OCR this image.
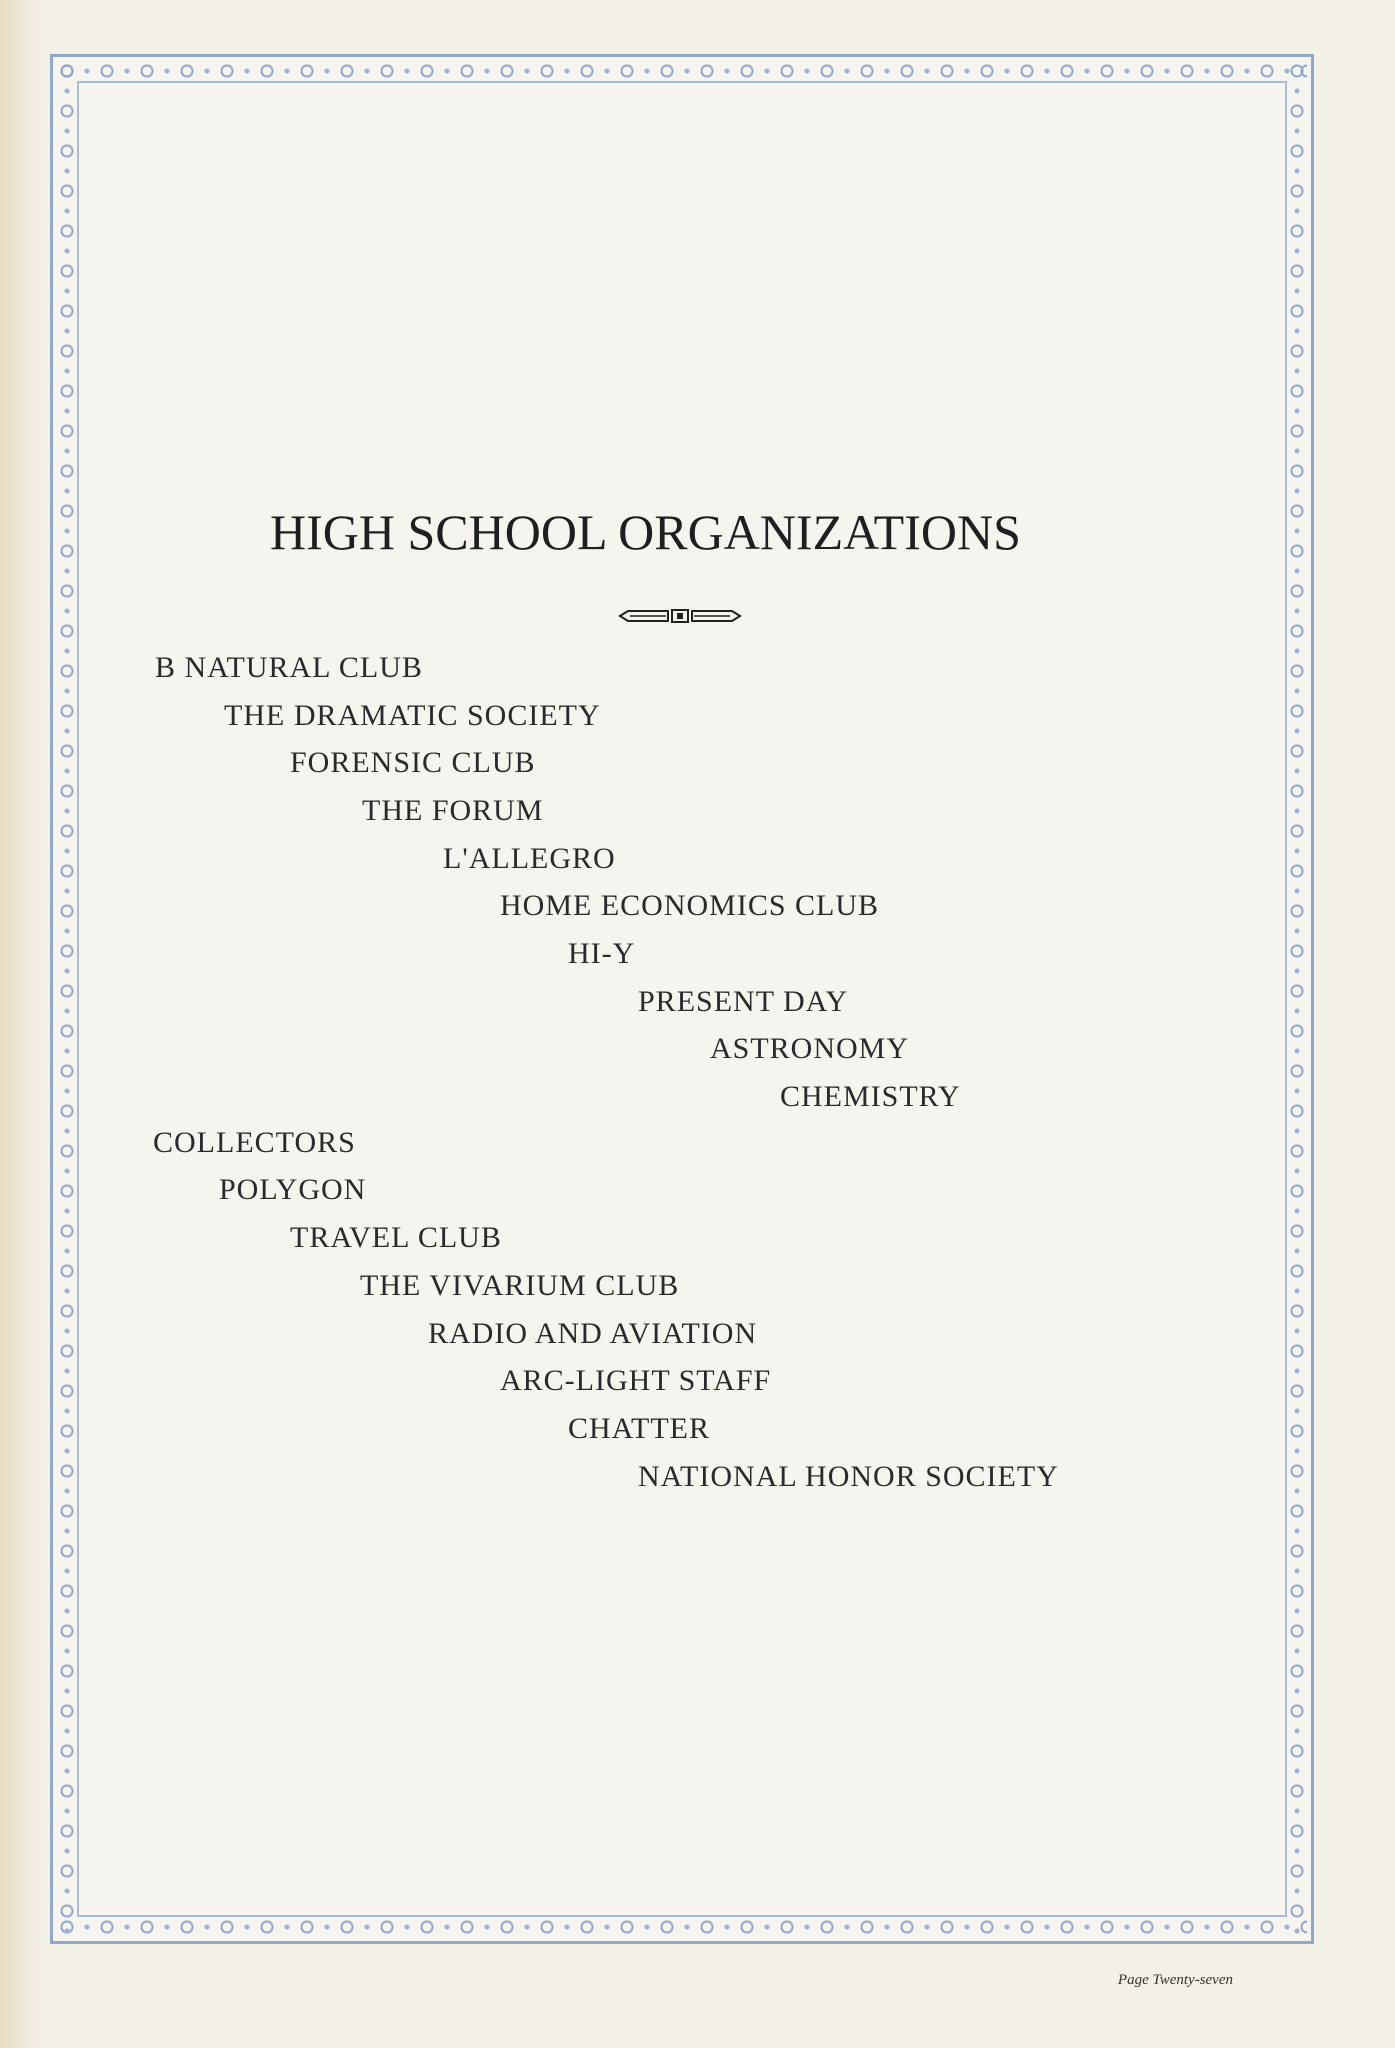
HIGH SCHOOL ORGANIZATIONS
B NATURAL CLUB
THE DRAMATIC SOCIETY
FORENSIC CLUB
THE FORUM
L'ALLEGRO
HOME ECONOMICS CLUB
HI-Y
PRESENT DAY
ASTRONOMY
CHEMISTRY
COLLECTORS
POLYGON
TRAVEL CLUB
THE VIVARIUM CLUB
RADIO AND AVIATION
ARC-LIGHT STAFF
CHATTER
NATIONAL HONOR SOCIETY
Page Twenty-seven
